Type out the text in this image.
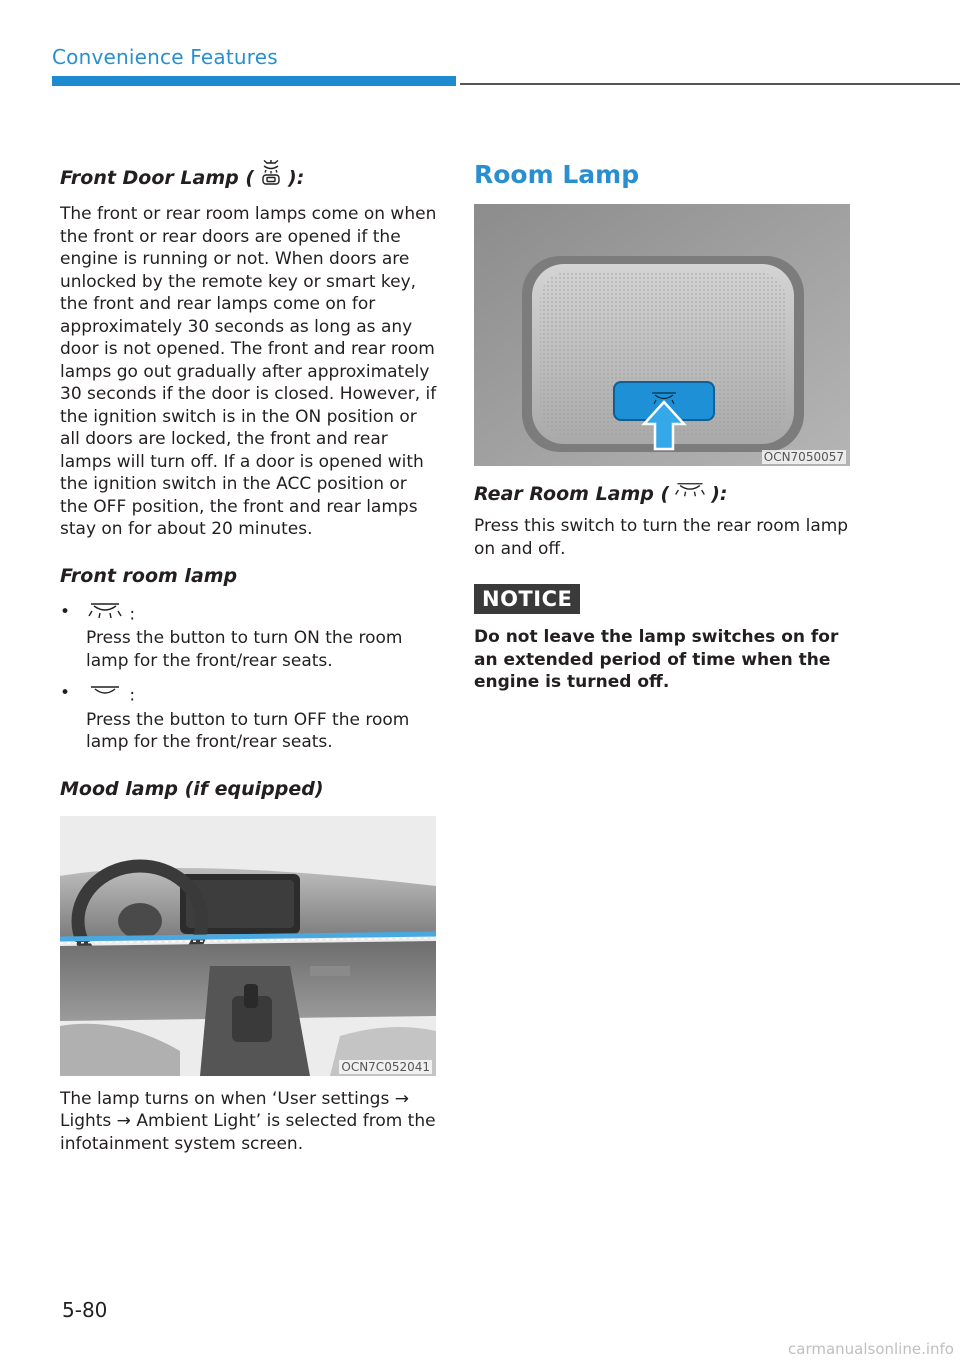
Convenience Features
Front Door Lamp ( ):

The front or rear room lamps come on when the front or rear doors are opened if the engine is running or not. When doors are unlocked by the remote key or smart key, the front and rear lamps come on for approximately 30 seconds as long as any door is not opened. The front and rear room lamps go out gradually after approximately 30 seconds if the door is closed. However, if the ignition switch is in the ON position or all doors are locked, the front and rear lamps will turn off. If a door is opened with the ignition switch in the ACC position or the OFF position, the front and rear lamps stay on for about 20 minutes.

Front room lamp
•	:
Press the button to turn ON the room lamp for the front/rear seats.
•	:
Press the button to turn OFF the room lamp for the front/rear seats.
Mood lamp (if equipped)
OCN7C052041

The lamp turns on when ‘User settings → Lights → Ambient Light’ is selected from the infotainment system screen.

Room Lamp
OCN7050057
Rear Room Lamp ( ):

Press this switch to turn the rear room lamp on and off.

NOTICE

Do not leave the lamp switches on for an extended period of time when the engine is turned off.

5-80
carmanualsonline.info
